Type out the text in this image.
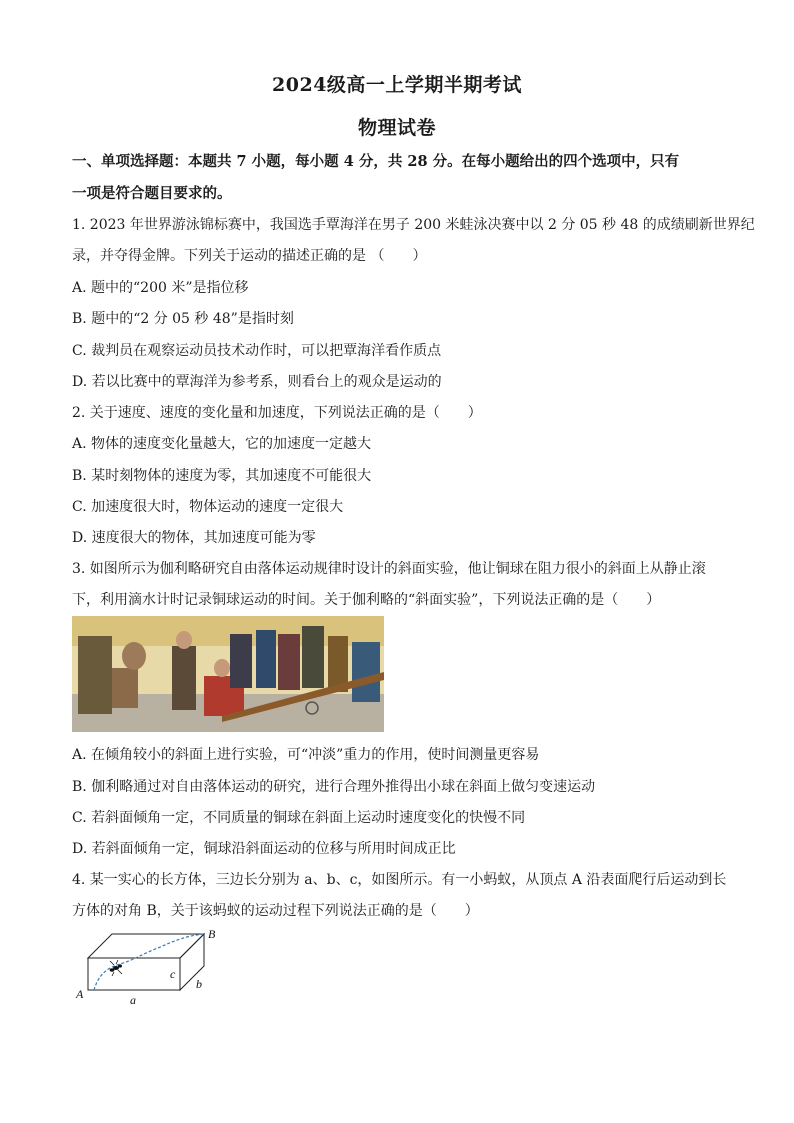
2024级高一上学期半期考试
物理试卷
一、单项选择题：本题共 7 小题，每小题 4 分，共 28 分。在每小题给出的四个选项中，只有
一项是符合题目要求的。
1. 2023 年世界游泳锦标赛中，我国选手覃海洋在男子 200 米蛙泳决赛中以 2 分 05 秒 48 的成绩刷新世界纪
录，并夺得金牌。下列关于运动的描述正确的是 （　　）
A. 题中的“200 米”是指位移
B. 题中的“2 分 05 秒 48”是指时刻
C. 裁判员在观察运动员技术动作时，可以把覃海洋看作质点
D. 若以比赛中的覃海洋为参考系，则看台上的观众是运动的
2. 关于速度、速度的变化量和加速度，下列说法正确的是（　　）
A. 物体的速度变化量越大，它的加速度一定越大
B. 某时刻物体的速度为零，其加速度不可能很大
C. 加速度很大时，物体运动的速度一定很大
D. 速度很大的物体，其加速度可能为零
3. 如图所示为伽利略研究自由落体运动规律时设计的斜面实验，他让铜球在阻力很小的斜面上从静止滚
下，利用滴水计时记录铜球运动的时间。关于伽利略的“斜面实验”，下列说法正确的是（　　）
A. 在倾角较小的斜面上进行实验，可“冲淡”重力的作用，使时间测量更容易
B. 伽利略通过对自由落体运动的研究，进行合理外推得出小球在斜面上做匀变速运动
C. 若斜面倾角一定，不同质量的铜球在斜面上运动时速度变化的快慢不同
D. 若斜面倾角一定，铜球沿斜面运动的位移与所用时间成正比
4. 某一实心的长方体，三边长分别为 a、b、c，如图所示。有一小蚂蚁，从顶点 A 沿表面爬行后运动到长
方体的对角 B，关于该蚂蚁的运动过程下列说法正确的是（　　）
A
B
a
b
c
